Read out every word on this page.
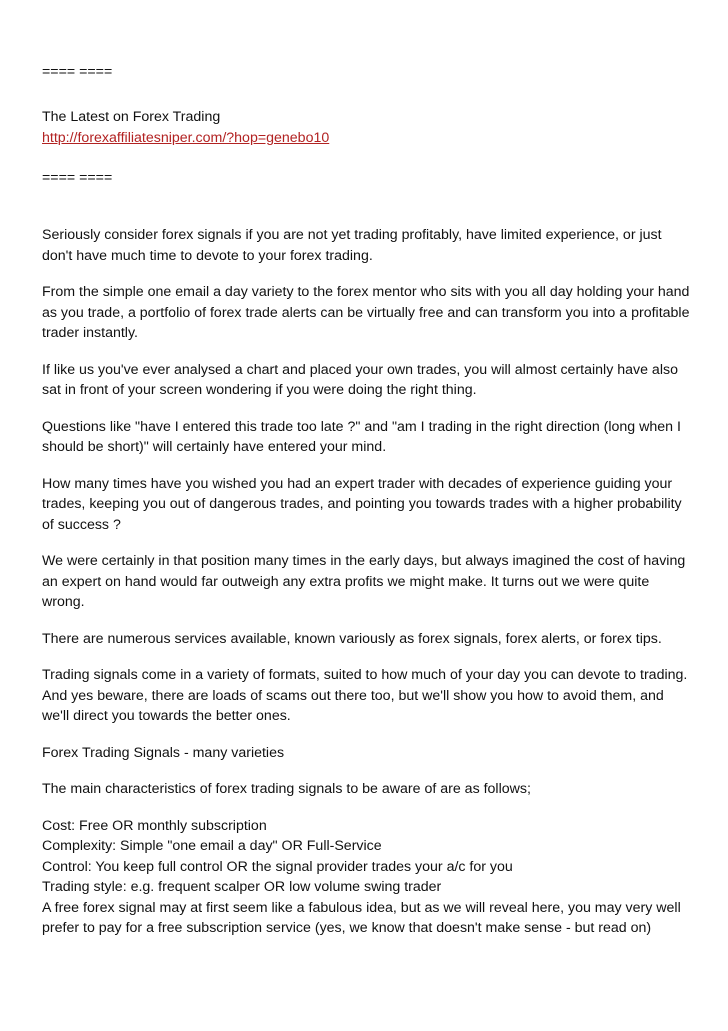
==== ====
The Latest on Forex Trading
http://forexaffiliatesniper.com/?hop=genebo10
==== ====

Seriously consider forex signals if you are not yet trading profitably, have limited experience, or just don't have much time to devote to your forex trading.

From the simple one email a day variety to the forex mentor who sits with you all day holding your hand as you trade, a portfolio of forex trade alerts can be virtually free and can transform you into a profitable trader instantly.

If like us you've ever analysed a chart and placed your own trades, you will almost certainly have also sat in front of your screen wondering if you were doing the right thing.

Questions like "have I entered this trade too late ?" and "am I trading in the right direction (long when I should be short)" will certainly have entered your mind.

How many times have you wished you had an expert trader with decades of experience guiding your trades, keeping you out of dangerous trades, and pointing you towards trades with a higher probability of success ?

We were certainly in that position many times in the early days, but always imagined the cost of having an expert on hand would far outweigh any extra profits we might make. It turns out we were quite wrong.

There are numerous services available, known variously as forex signals, forex alerts, or forex tips.

Trading signals come in a variety of formats, suited to how much of your day you can devote to trading. And yes beware, there are loads of scams out there too, but we'll show you how to avoid them, and we'll direct you towards the better ones.

Forex Trading Signals - many varieties

The main characteristics of forex trading signals to be aware of are as follows;

Cost: Free OR monthly subscription

Complexity: Simple "one email a day" OR Full-Service

Control: You keep full control OR the signal provider trades your a/c for you

Trading style: e.g. frequent scalper OR low volume swing trader

A free forex signal may at first seem like a fabulous idea, but as we will reveal here, you may very well prefer to pay for a free subscription service (yes, we know that doesn't make sense - but read on)
